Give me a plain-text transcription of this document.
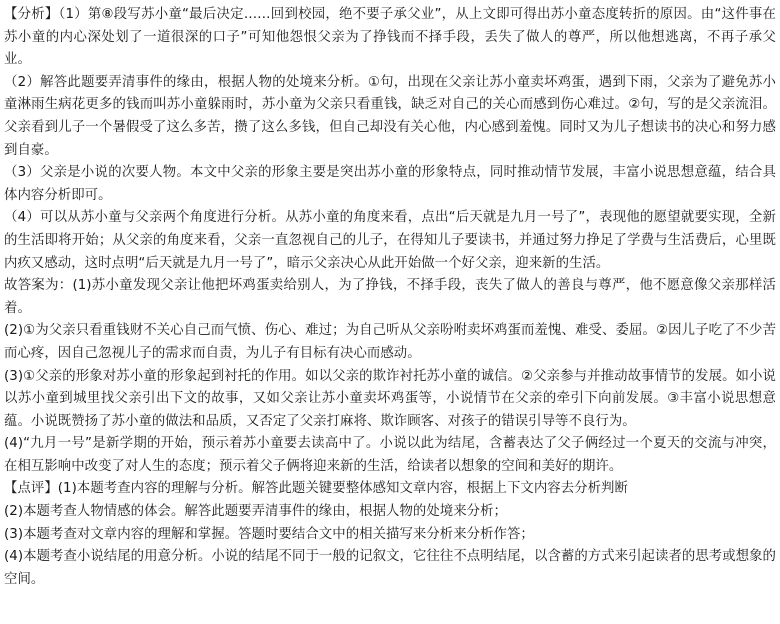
【分析】（1）第⑧段写苏小童“最后决定……回到校园，绝不要子承父业”，从上文即可得出苏小童态度转折的原因。由“这件事在苏小童的内心深处划了一道很深的口子”可知他怨恨父亲为了挣钱而不择手段，丢失了做人的尊严，所以他想逃离，不再子承父业。

（2）解答此题要弄清事件的缘由，根据人物的处境来分析。①句，出现在父亲让苏小童卖坏鸡蛋，遇到下雨，父亲为了避免苏小童淋雨生病花更多的钱而叫苏小童躲雨时，苏小童为父亲只看重钱，缺乏对自己的关心而感到伤心难过。②句，写的是父亲流泪。父亲看到儿子一个暑假受了这么多苦，攒了这么多钱，但自己却没有关心他，内心感到羞愧。同时又为儿子想读书的决心和努力感到自豪。

（3）父亲是小说的次要人物。本文中父亲的形象主要是突出苏小童的形象特点，同时推动情节发展，丰富小说思想意蕴，结合具体内容分析即可。

（4）可以从苏小童与父亲两个角度进行分析。从苏小童的角度来看，点出“后天就是九月一号了”，表现他的愿望就要实现，全新的生活即将开始；从父亲的角度来看，父亲一直忽视自己的儿子，在得知儿子要读书，并通过努力挣足了学费与生活费后，心里既内疚又感动，这时点明“后天就是九月一号了”，暗示父亲决心从此开始做一个好父亲，迎来新的生活。

故答案为：(1)苏小童发现父亲让他把坏鸡蛋卖给别人，为了挣钱，不择手段，丧失了做人的善良与尊严，他不愿意像父亲那样活着。

(2)①为父亲只看重钱财不关心自己而气愤、伤心、难过；为自己听从父亲吩咐卖坏鸡蛋而羞愧、难受、委屈。②因儿子吃了不少苦而心疼，因自己忽视儿子的需求而自责，为儿子有目标有决心而感动。

(3)①父亲的形象对苏小童的形象起到衬托的作用。如以父亲的欺诈衬托苏小童的诚信。②父亲参与并推动故事情节的发展。如小说以苏小童到城里找父亲引出下文的故事，又如父亲让苏小童卖坏鸡蛋等，小说情节在父亲的牵引下向前发展。③丰富小说思想意蕴。小说既赞扬了苏小童的做法和品质，又否定了父亲打麻将、欺诈顾客、对孩子的错误引导等不良行为。

(4)“九月一号”是新学期的开始，预示着苏小童要去读高中了。小说以此为结尾，含蓄表达了父子俩经过一个夏天的交流与冲突，在相互影响中改变了对人生的态度；预示着父子俩将迎来新的生活，给读者以想象的空间和美好的期许。

【点评】(1)本题考查内容的理解与分析。解答此题关键要整体感知文章内容，根据上下文内容去分析判断

(2)本题考查人物情感的体会。解答此题要弄清事件的缘由，根据人物的处境来分析；

(3)本题考查对文章内容的理解和掌握。答题时要结合文中的相关描写来分析来分析作答；

(4)本题考查小说结尾的用意分析。小说的结尾不同于一般的记叙文，它往往不点明结尾，以含蓄的方式来引起读者的思考或想象的空间。
